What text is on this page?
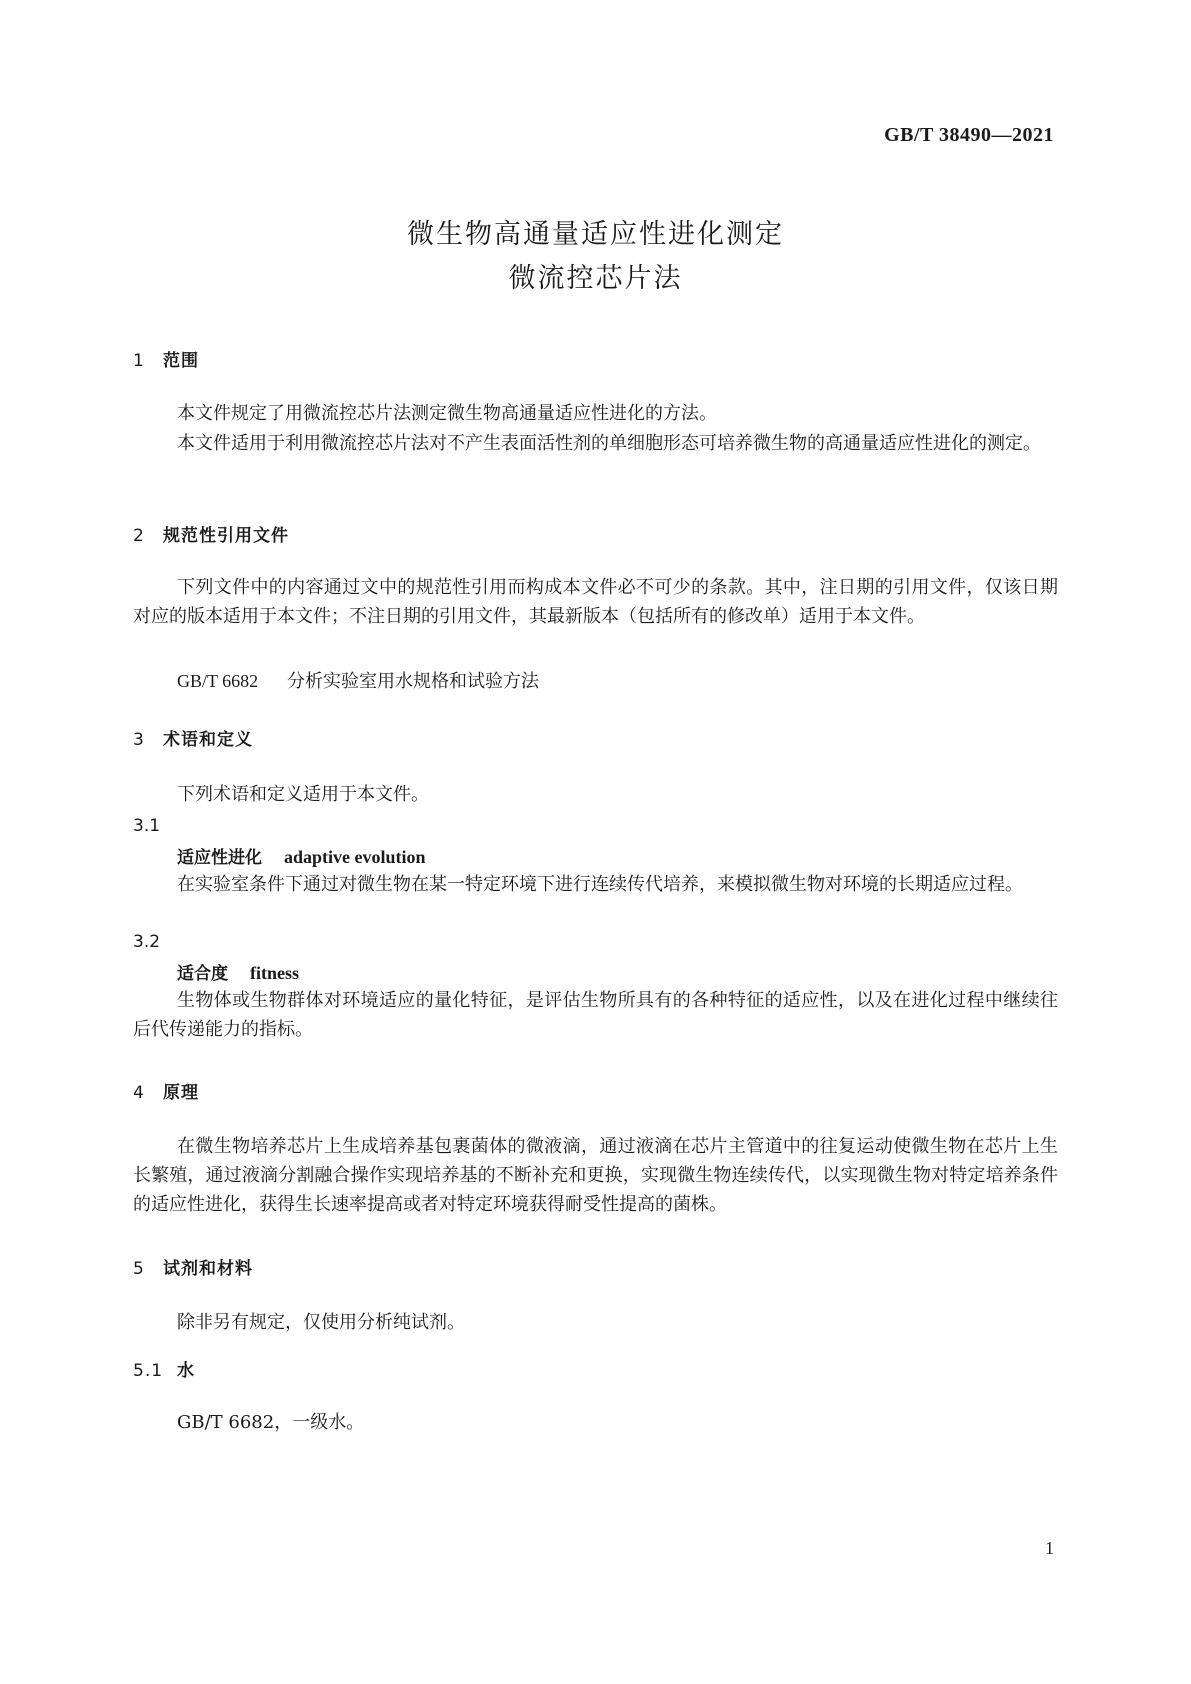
GB/T 38490—2021
微生物高通量适应性进化测定
微流控芯片法
1 范围
本文件规定了用微流控芯片法测定微生物高通量适应性进化的方法。
本文件适用于利用微流控芯片法对不产生表面活性剂的单细胞形态可培养微生物的高通量适应性进化的测定。
2 规范性引用文件
下列文件中的内容通过文中的规范性引用而构成本文件必不可少的条款。其中，注日期的引用文件，仅该日期对应的版本适用于本文件；不注日期的引用文件，其最新版本（包括所有的修改单）适用于本文件。
GB/T 6682 分析实验室用水规格和试验方法
3 术语和定义
下列术语和定义适用于本文件。
3.1
适应性进化 adaptive evolution
在实验室条件下通过对微生物在某一特定环境下进行连续传代培养，来模拟微生物对环境的长期适应过程。
3.2
适合度 fitness
生物体或生物群体对环境适应的量化特征，是评估生物所具有的各种特征的适应性，以及在进化过程中继续往后代传递能力的指标。
4 原理
在微生物培养芯片上生成培养基包裹菌体的微液滴，通过液滴在芯片主管道中的往复运动使微生物在芯片上生长繁殖，通过液滴分割融合操作实现培养基的不断补充和更换，实现微生物连续传代，以实现微生物对特定培养条件的适应性进化，获得生长速率提高或者对特定环境获得耐受性提高的菌株。
5 试剂和材料
除非另有规定，仅使用分析纯试剂。
5.1 水
GB/T 6682，一级水。
1
